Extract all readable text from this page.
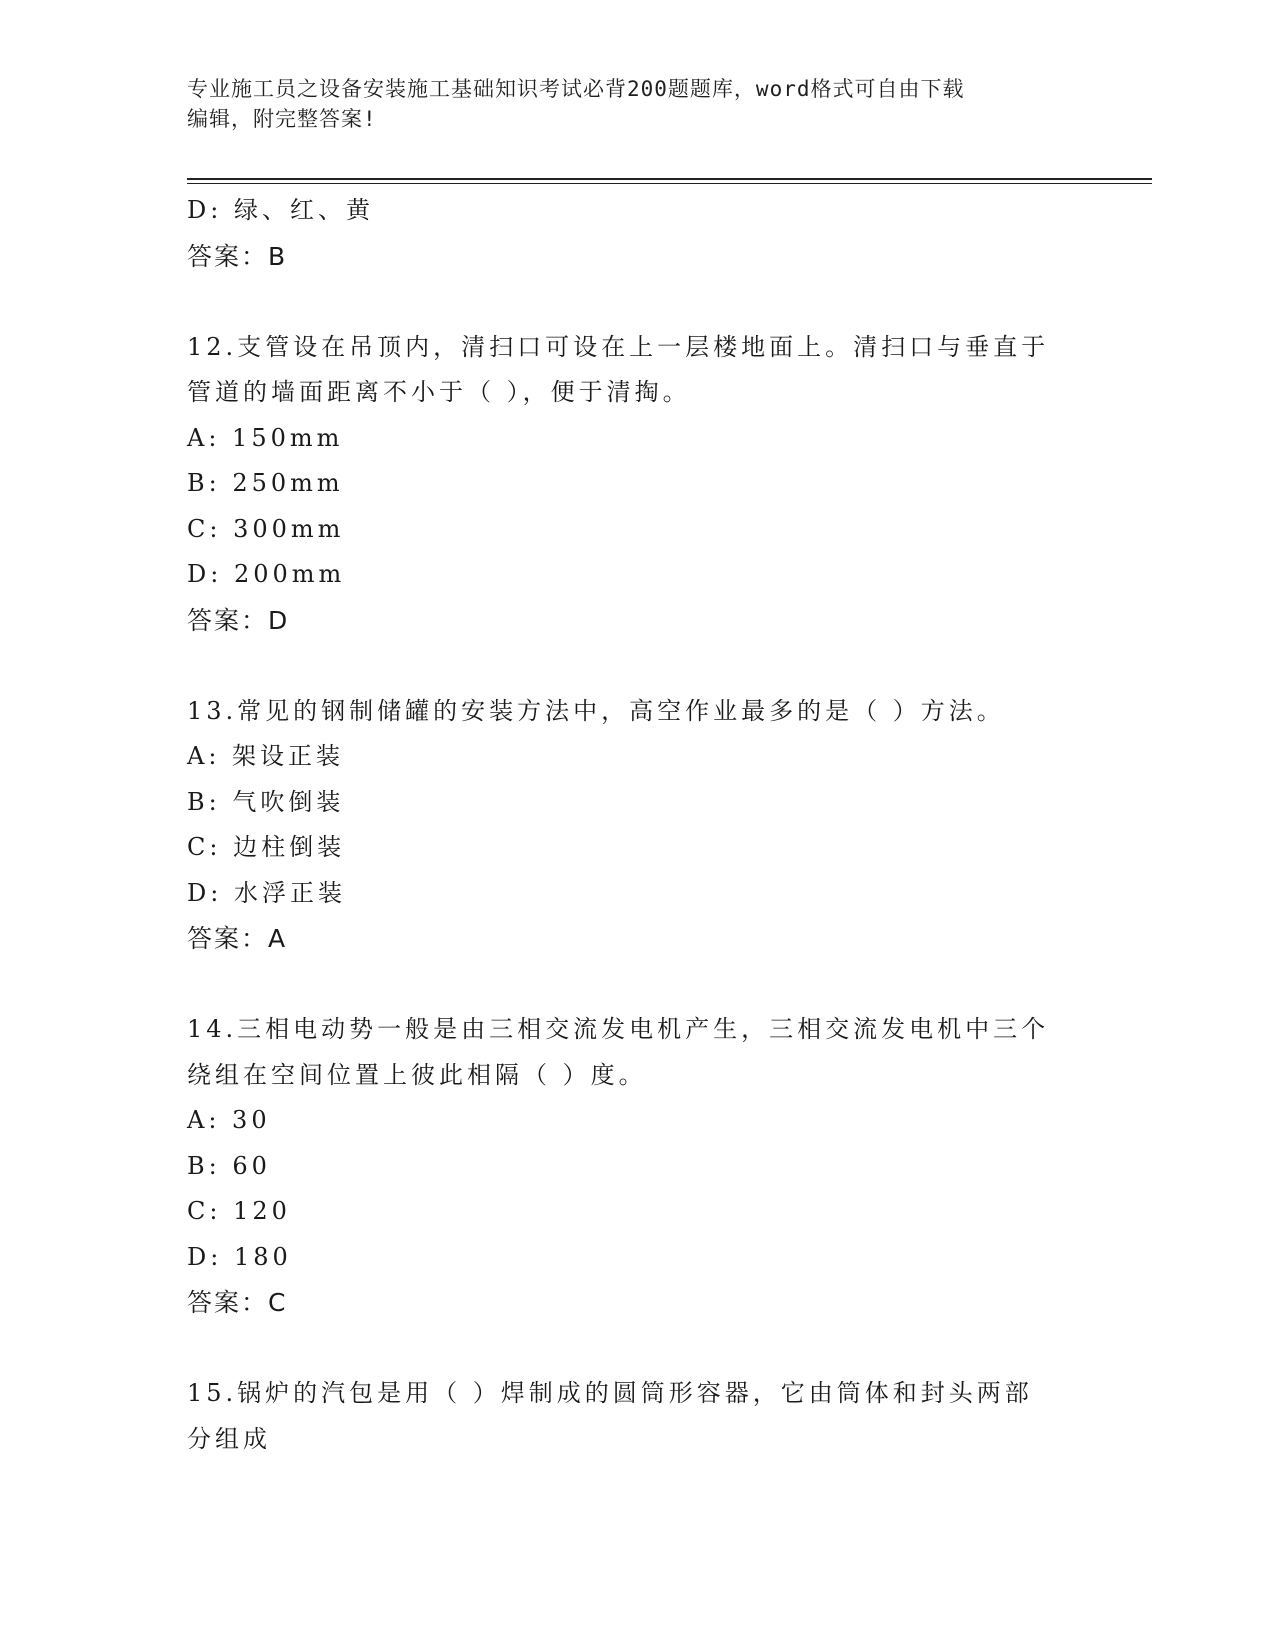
专业施工员之设备安装施工基础知识考试必背200题题库，word格式可自由下载
编辑，附完整答案!
D: 绿、红、黄
答案：B
12.支管设在吊顶内，清扫口可设在上一层楼地面上。清扫口与垂直于
管道的墙面距离不小于（ ），便于清掏。
A: 150mm
B: 250mm
C: 300mm
D: 200mm
答案：D
13.常见的钢制储罐的安装方法中，高空作业最多的是（ ）方法。
A: 架设正装
B: 气吹倒装
C: 边柱倒装
D: 水浮正装
答案：A
14.三相电动势一般是由三相交流发电机产生，三相交流发电机中三个
绕组在空间位置上彼此相隔（ ）度。
A: 30
B: 60
C: 120
D: 180
答案：C
15.锅炉的汽包是用（ ）焊制成的圆筒形容器，它由筒体和封头两部
分组成
